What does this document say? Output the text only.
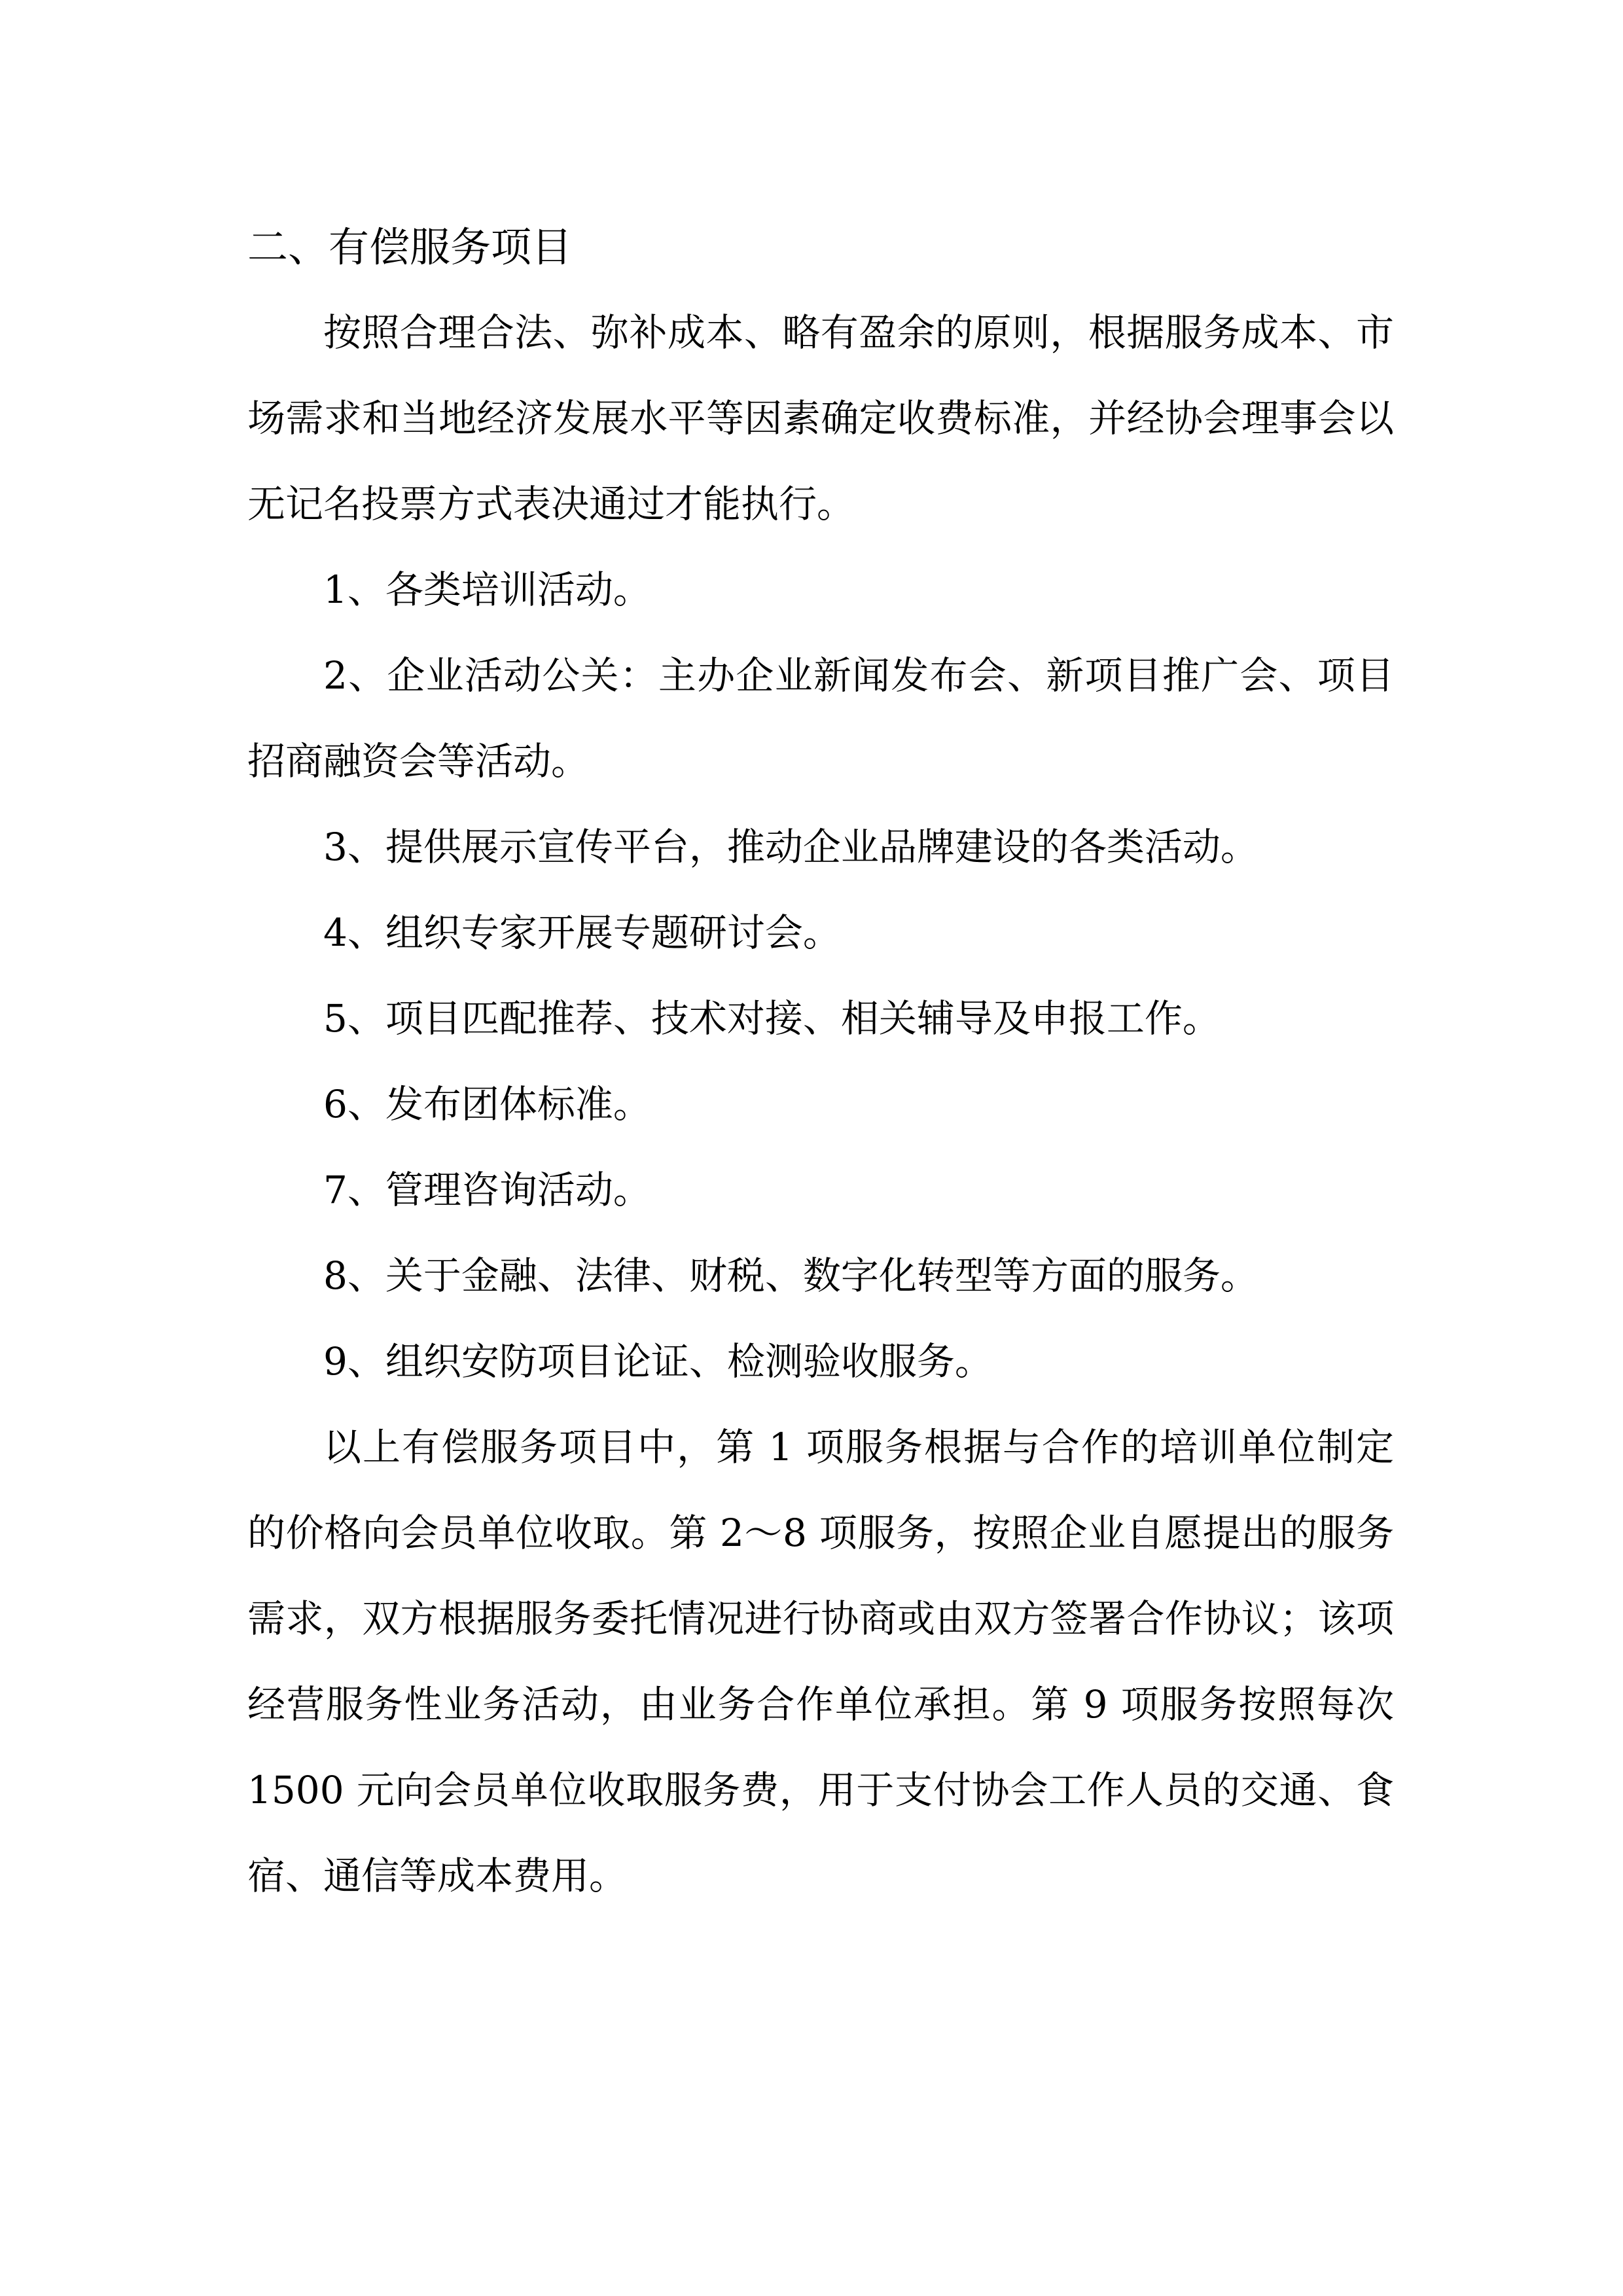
二、有偿服务项目

按照合理合法、弥补成本、略有盈余的原则，根据服务成本、市场需求和当地经济发展水平等因素确定收费标准，并经协会理事会以无记名投票方式表决通过才能执行。

1、各类培训活动。

2、企业活动公关：主办企业新闻发布会、新项目推广会、项目招商融资会等活动。

3、提供展示宣传平台，推动企业品牌建设的各类活动。

4、组织专家开展专题研讨会。

5、项目匹配推荐、技术对接、相关辅导及申报工作。

6、发布团体标准。

7、管理咨询活动。

8、关于金融、法律、财税、数字化转型等方面的服务。

9、组织安防项目论证、检测验收服务。

以上有偿服务项目中，第 1 项服务根据与合作的培训单位制定的价格向会员单位收取。第 2～8 项服务，按照企业自愿提出的服务需求，双方根据服务委托情况进行协商或由双方签署合作协议；该项经营服务性业务活动，由业务合作单位承担。第 9 项服务按照每次 1500 元向会员单位收取服务费，用于支付协会工作人员的交通、食宿、通信等成本费用。
